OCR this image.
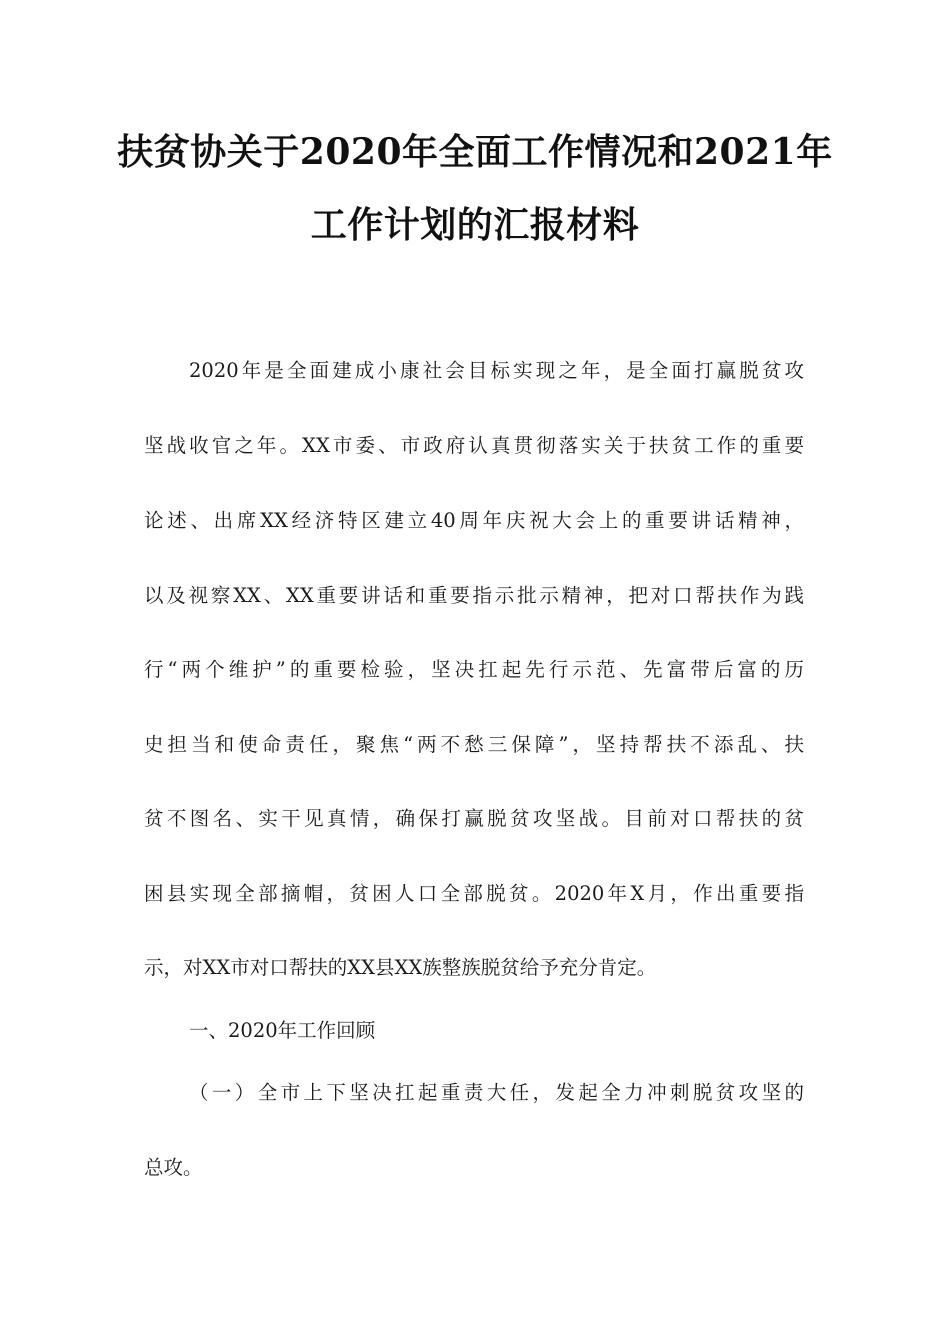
扶贫协关于2020年全面工作情况和2021年
工作计划的汇报材料
2020年是全面建成小康社会目标实现之年，是全面打赢脱贫攻
坚战收官之年。XX市委、市政府认真贯彻落实关于扶贫工作的重要
论述、出席XX经济特区建立40周年庆祝大会上的重要讲话精神，
以及视察XX、XX重要讲话和重要指示批示精神，把对口帮扶作为践
行“两个维护”的重要检验，坚决扛起先行示范、先富带后富的历
史担当和使命责任，聚焦“两不愁三保障”，坚持帮扶不添乱、扶
贫不图名、实干见真情，确保打赢脱贫攻坚战。目前对口帮扶的贫
困县实现全部摘帽，贫困人口全部脱贫。2020年X月，作出重要指
示，对XX市对口帮扶的XX县XX族整族脱贫给予充分肯定。
一、2020年工作回顾
（一）全市上下坚决扛起重责大任，发起全力冲刺脱贫攻坚的
总攻。
